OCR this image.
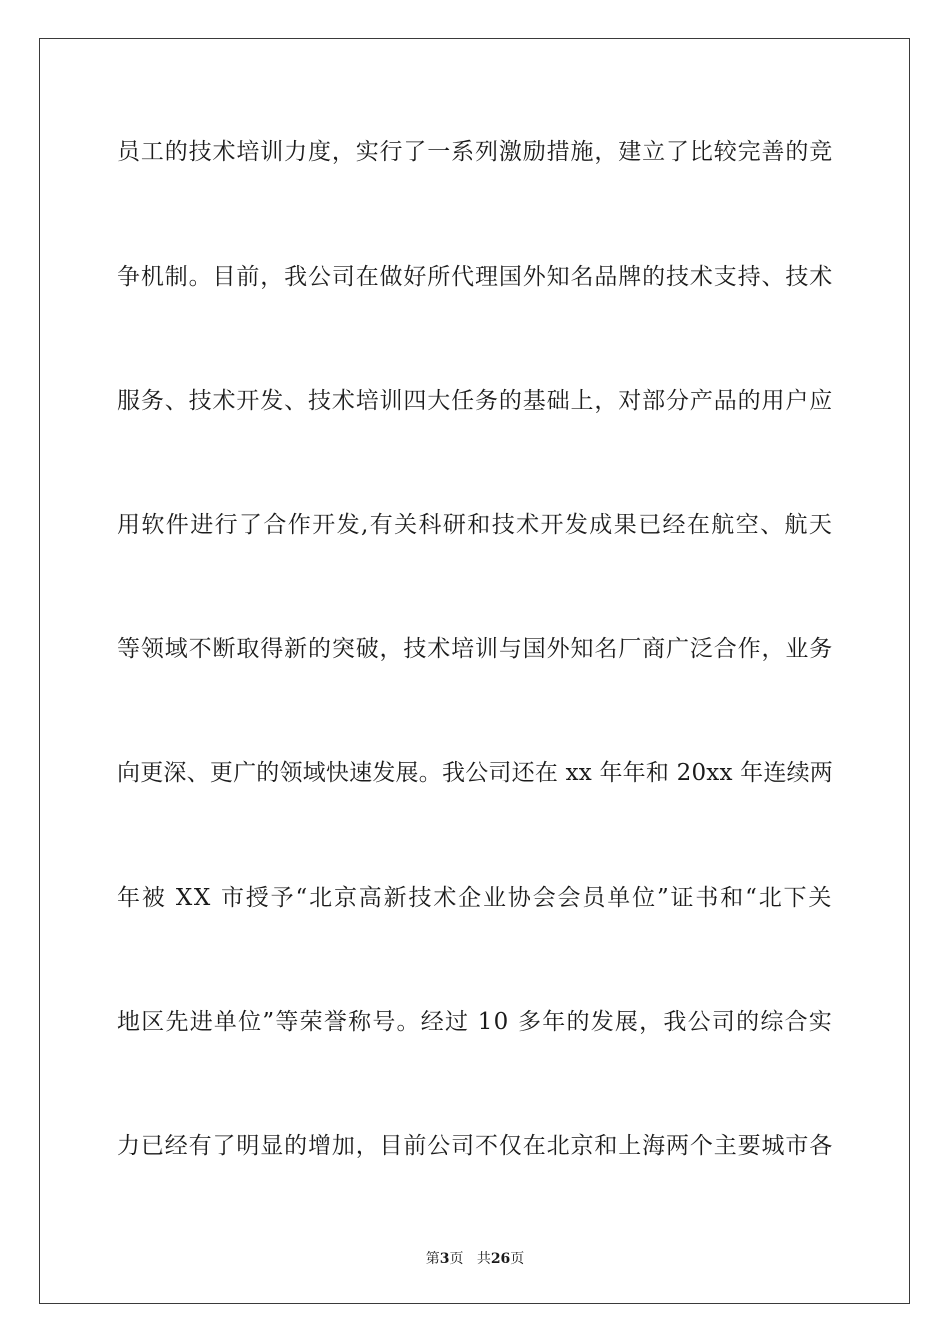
员工的技术培训力度，实行了一系列激励措施，建立了比较完善的竞
争机制。目前，我公司在做好所代理国外知名品牌的技术支持、技术
服务、技术开发、技术培训四大任务的基础上，对部分产品的用户应
用软件进行了合作开发,有关科研和技术开发成果已经在航空、航天
等领域不断取得新的突破，技术培训与国外知名厂商广泛合作，业务
向更深、更广的领域快速发展。我公司还在 xx 年年和 20xx 年连续两
年被 XX 市授予“北京高新技术企业协会会员单位”证书和“北下关
地区先进单位”等荣誉称号。经过 10 多年的发展，我公司的综合实
力已经有了明显的增加，目前公司不仅在北京和上海两个主要城市各
第3页 共26页
